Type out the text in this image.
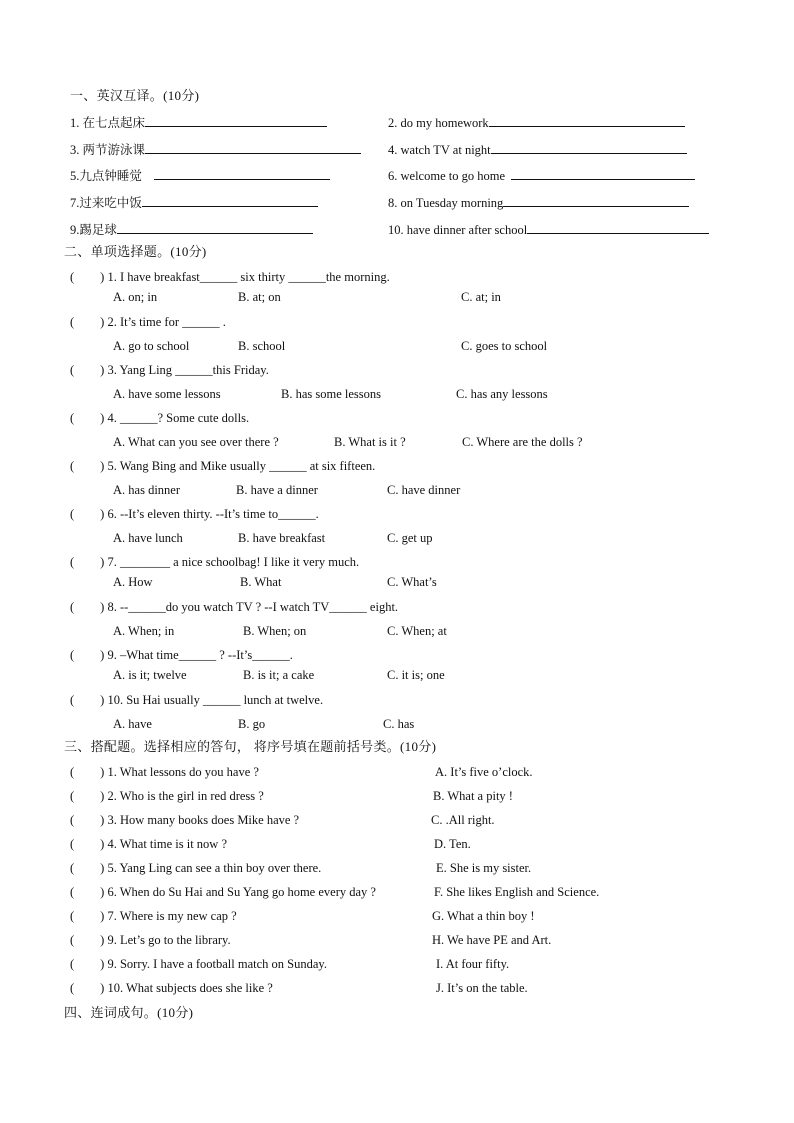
一、英汉互译。(10分)
1. 在七点起床	2. do my homework
3. 两节游泳课	4. watch TV at night
5.九点钟睡觉	6. welcome to go home
7.过来吃中饭	8. on Tuesday morning
9.踢足球	10. have dinner after school
二、单项选择题。(10分)
( ) 1. I have breakfast______ six thirty ______the morning.
A. on; in	B. at; on	C. at; in
( ) 2. It’s time for ______ .
A. go to school	B. school	C. goes to school
( ) 3. Yang Ling ______this Friday.
A. have some lessons	B. has some lessons	C. has any lessons
( ) 4. ______? Some cute dolls.
A. What can you see over there ?	B. What is it ?	C. Where are the dolls ?
( ) 5. Wang Bing and Mike usually ______ at six fifteen.
A. has dinner	B. have a dinner	C. have dinner
( ) 6. --It’s eleven thirty. --It’s time to______.
A. have lunch	B. have breakfast	C. get up
( ) 7. ________ a nice schoolbag! I like it very much.
A. How	B. What	C. What’s
( ) 8. --______do you watch TV ? --I watch TV______ eight.
A. When; in	B. When; on	C. When; at
( ) 9. –What time______ ? --It’s______.
A. is it; twelve	B. is it; a cake	C. it is; one
( ) 10. Su Hai usually ______ lunch at twelve.
A. have	B. go	C. has
三、搭配题。选择相应的答句， 将序号填在题前括号类。(10分)
( ) 1. What lessons do you have ?	A. It’s five o’clock.
( ) 2. Who is the girl in red dress ?	B. What a pity !
( ) 3. How many books does Mike have ?	C. .All right.
( ) 4. What time is it now ?	D. Ten.
( ) 5. Yang Ling can see a thin boy over there.	E. She is my sister.
( ) 6. When do Su Hai and Su Yang go home every day ?	F. She likes English and Science.
( ) 7. Where is my new cap ?	G. What a thin boy !
( ) 9. Let’s go to the library.	H. We have PE and Art.
( ) 9. Sorry. I have a football match on Sunday.	I. At four fifty.
( ) 10. What subjects does she like ?	J. It’s on the table.
四、连词成句。(10分)
